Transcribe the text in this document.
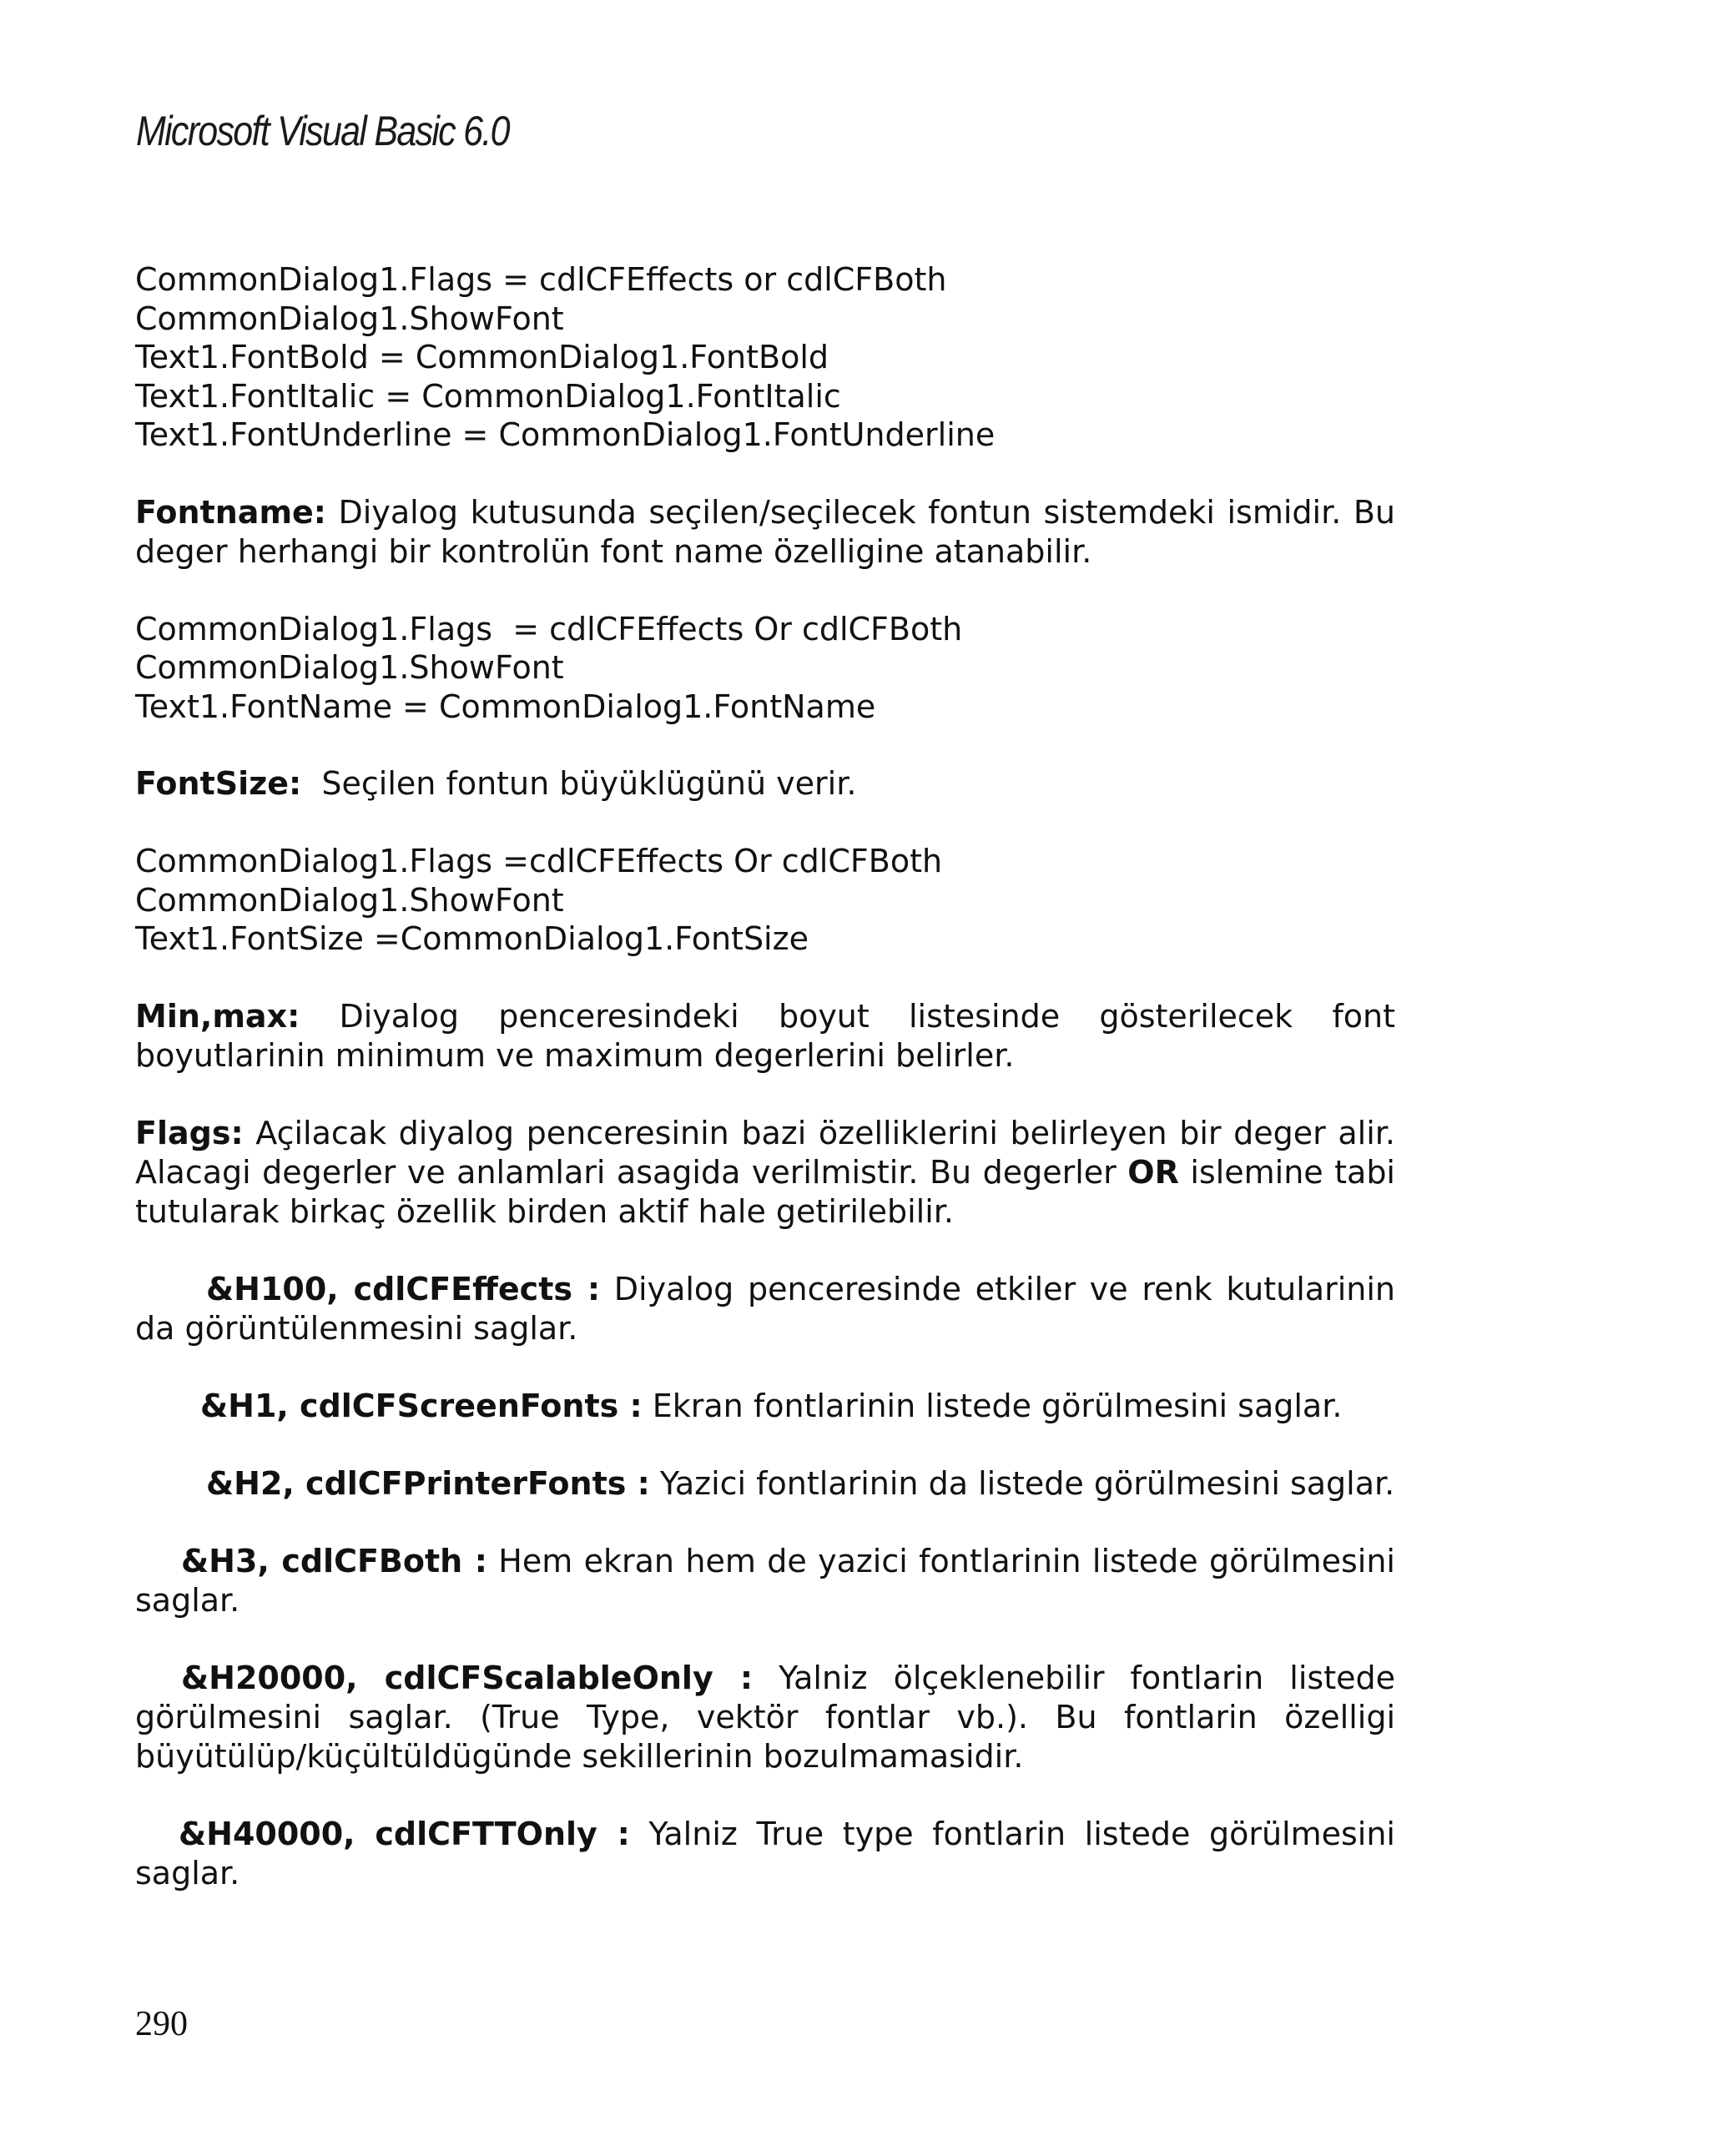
Microsoft Visual Basic 6.0
CommonDialog1.Flags = cdlCFEffects or cdlCFBoth
CommonDialog1.ShowFont
Text1.FontBold = CommonDialog1.FontBold
Text1.FontItalic = CommonDialog1.FontItalic
Text1.FontUnderline = CommonDialog1.FontUnderline

Fontname: Diyalog kutusunda seçilen/seçilecek fontun sistemdeki ismidir. Bu deger herhangi bir kontrolün font name özelligine atanabilir.

CommonDialog1.Flags  = cdlCFEffects Or cdlCFBoth
CommonDialog1.ShowFont
Text1.FontName = CommonDialog1.FontName

FontSize:  Seçilen fontun büyüklügünü verir.

CommonDialog1.Flags =cdlCFEffects Or cdlCFBoth
CommonDialog1.ShowFont
Text1.FontSize =CommonDialog1.FontSize

Min,max: Diyalog penceresindeki boyut listesinde gösterilecek font boyutlarinin minimum ve maximum degerlerini belirler.

Flags: Açilacak diyalog penceresinin bazi özelliklerini belirleyen bir deger alir. Alacagi degerler ve anlamlari asagida verilmistir. Bu degerler OR islemine tabi tutularak birkaç özellik birden aktif hale getirilebilir.

&H100, cdlCFEffects : Diyalog penceresinde etkiler ve renk kutularinin da görüntülenmesini saglar.

&H1, cdlCFScreenFonts : Ekran fontlarinin listede görülmesini saglar.

&H2, cdlCFPrinterFonts : Yazici fontlarinin da listede görülmesini saglar.

&H3, cdlCFBoth : Hem ekran hem de yazici fontlarinin listede görülmesini saglar.

&H20000, cdlCFScalableOnly : Yalniz ölçeklenebilir fontlarin listede görülmesini saglar. (True Type, vektör fontlar vb.). Bu fontlarin özelligi büyütülüp/küçültüldügünde sekillerinin bozulmamasidir.

&H40000, cdlCFTTOnly : Yalniz True type fontlarin listede görülmesini saglar.

290
